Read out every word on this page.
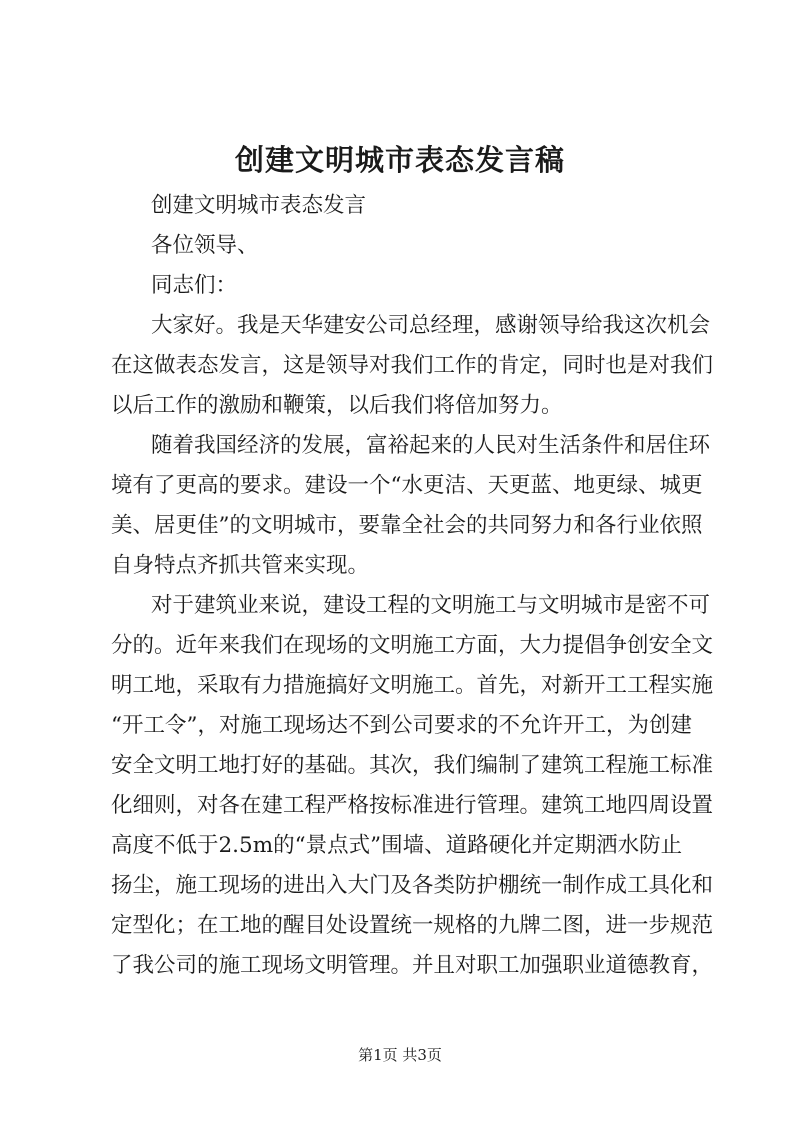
创建文明城市表态发言稿
创建文明城市表态发言
各位领导、
同志们：
大家好。我是天华建安公司总经理，感谢领导给我这次机会
在这做表态发言，这是领导对我们工作的肯定，同时也是对我们
以后工作的激励和鞭策，以后我们将倍加努力。
随着我国经济的发展，富裕起来的人民对生活条件和居住环
境有了更高的要求。建设一个“水更洁、天更蓝、地更绿、城更
美、居更佳”的文明城市，要靠全社会的共同努力和各行业依照
自身特点齐抓共管来实现。
对于建筑业来说，建设工程的文明施工与文明城市是密不可
分的。近年来我们在现场的文明施工方面，大力提倡争创安全文
明工地，采取有力措施搞好文明施工。首先，对新开工工程实施
“开工令”，对施工现场达不到公司要求的不允许开工，为创建
安全文明工地打好的基础。其次，我们编制了建筑工程施工标准
化细则，对各在建工程严格按标准进行管理。建筑工地四周设置
高度不低于2.5m的“景点式”围墙、道路硬化并定期洒水防止
扬尘，施工现场的进出入大门及各类防护棚统一制作成工具化和
定型化；在工地的醒目处设置统一规格的九牌二图，进一步规范
了我公司的施工现场文明管理。并且对职工加强职业道德教育，
第1页 共3页
